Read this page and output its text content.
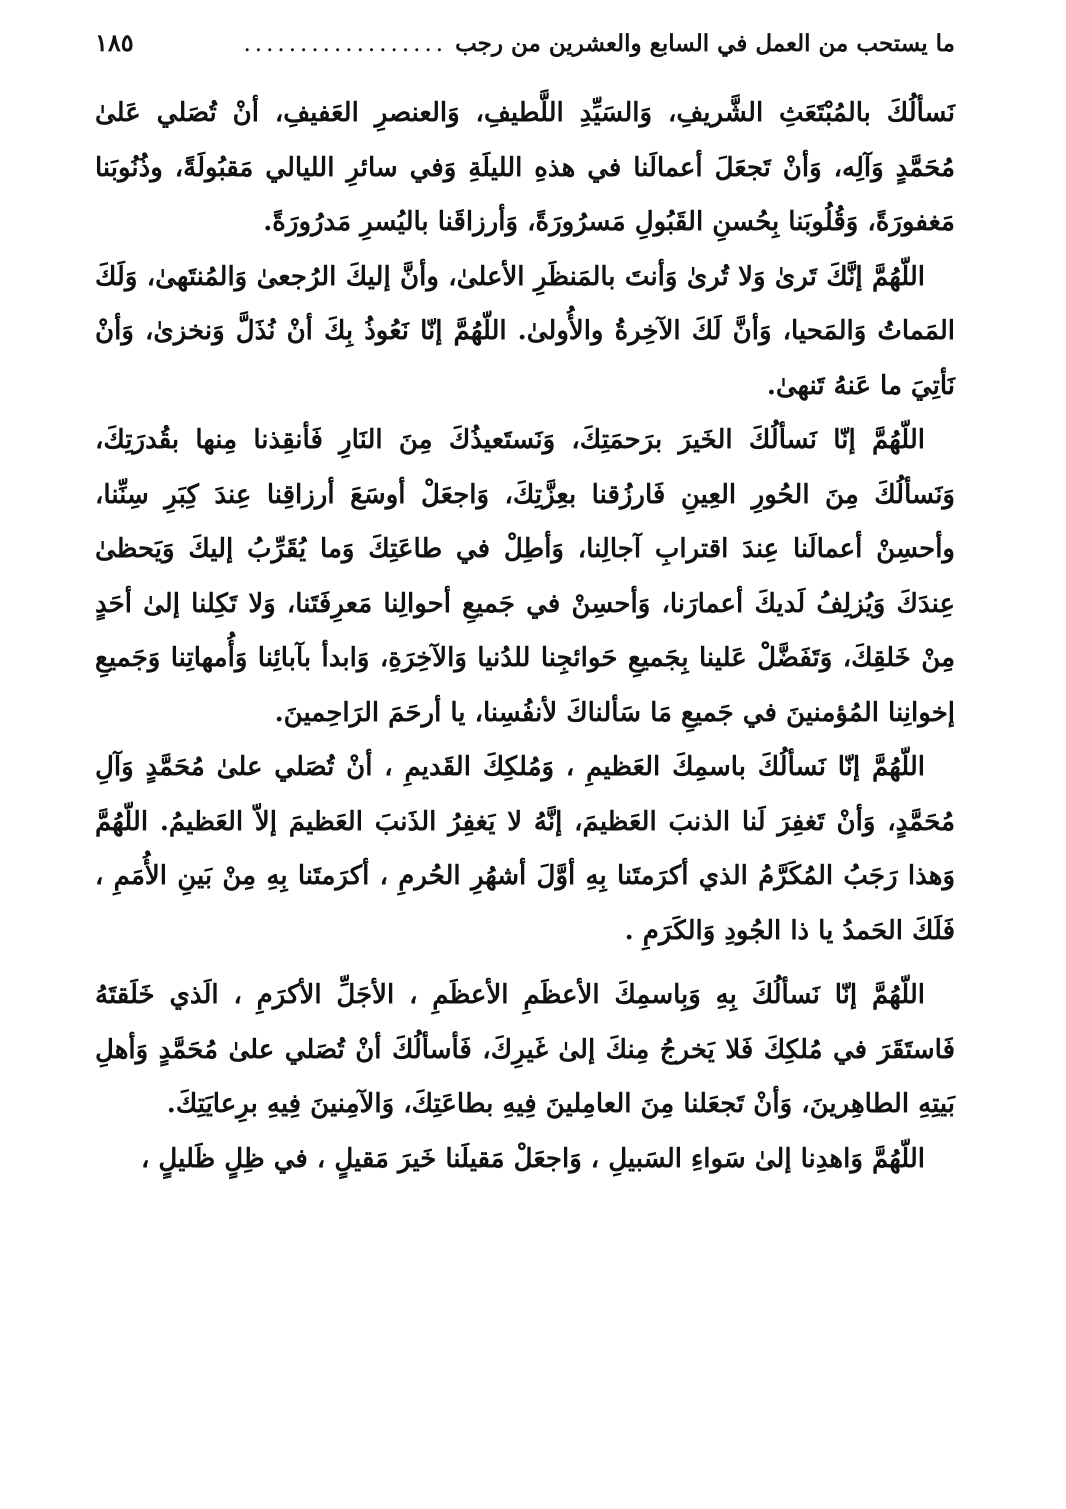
ما يستحب من العمل في السابع والعشرين من رجب
..................
١٨٥

نَسألُكَ بالمُبْتَعَثِ الشَّريفِ، وَالسَيِّدِ اللَّطيفِ، وَالعنصرِ العَفيفِ، أنْ تُصَلي عَلىٰ مُحَمَّدٍ وَآلِه، وَأنْ تَجعَلَ أعمالَنا في هذهِ الليلَةِ وَفي سائرِ الليالي مَقبُولَةً، وذُنُوبَنا مَغفورَةً، وَقُلُوبَنا بِحُسنِ القَبُولِ مَسرُورَةً، وَأرزاقَنا باليُسرِ مَدرُورَةً.

اللّهُمَّ إنَّكَ تَرىٰ وَلا تُرىٰ وَأنتَ بالمَنظَرِ الأعلىٰ، وأنَّ إليكَ الرُجعىٰ وَالمُنتَهىٰ، وَلَكَ المَماتُ وَالمَحيا، وَأنَّ لَكَ الآخِرةُ والأُولىٰ. اللّهُمَّ إنّا نَعُوذُ بِكَ أنْ نُذَلَّ وَنخزىٰ، وَأنْ نَأتِيَ ما عَنهُ تَنهىٰ.

اللّهُمَّ إنّا نَسألُكَ الخَيرَ برَحمَتِكَ، وَنَستَعيذُكَ مِنَ النَارِ فَأنقِذنا مِنها بقُدرَتِكَ، وَنَسألُكَ مِنَ الحُورِ العِينِ فَارزُقنا بعِزَّتِكَ، وَاجعَلْ أوسَعَ أرزاقِنا عِندَ كِبَرِ سِنِّنا، وأحسِنْ أعمالَنا عِندَ اقترابِ آجالِنا، وَأطِلْ في طاعَتِكَ وَما يُقَرِّبُ إليكَ وَيَحظىٰ عِندَكَ وَيُزلِفُ لَديكَ أعمارَنا، وَأحسِنْ في جَميعِ أحوالِنا مَعرِفَتَنا، وَلا تَكِلنا إلىٰ أحَدٍ مِنْ خَلقِكَ، وَتَفَضَّلْ عَلينا بِجَميعِ حَوائجِنا للدُنيا وَالآخِرَةِ، وَابدأ بآبائِنا وَأُمهاتِنا وَجَميعِ إخوانِنا المُؤمنينَ في جَميعِ مَا سَألناكَ لأنفُسِنا، يا أرحَمَ الرَاحِمينَ.

اللّهُمَّ إنّا نَسألُكَ باسمِكَ العَظيمِ ، وَمُلكِكَ القَديمِ ، أنْ تُصَلي علىٰ مُحَمَّدٍ وَآلِ مُحَمَّدٍ، وَأنْ تَغفِرَ لَنا الذنبَ العَظيمَ، إنَّهُ لا يَغفِرُ الذَنبَ العَظيمَ إلاّ العَظيمُ. اللّهُمَّ وَهذا رَجَبُ المُكَرَّمُ الذي أكرَمتَنا بِهِ أوَّلَ أشهُرِ الحُرمِ ، أكرَمتَنا بِهِ مِنْ بَينِ الأُمَمِ ، فَلَكَ الحَمدُ يا ذا الجُودِ وَالكَرَمِ .

اللّهُمَّ إنّا نَسألُكَ بِهِ وَبِاسمِكَ الأعظَمِ الأعظَمِ ، الأجَلِّ الأكرَمِ ، الَذي خَلَقتَهُ فَاستَقَرَ في مُلكِكَ فَلا يَخرجُ مِنكَ إلىٰ غَيرِكَ، فَأسألُكَ أنْ تُصَلي علىٰ مُحَمَّدٍ وَأهلِ بَيتِهِ الطاهِرينَ، وَأنْ تَجعَلنا مِنَ العامِلينَ فِيهِ بطاعَتِكَ، وَالآمِنينَ فِيهِ برِعايَتِكَ.

اللّهُمَّ وَاهدِنا إلىٰ سَواءِ السَبيلِ ، وَاجعَلْ مَقيلَنا خَيرَ مَقيلٍ ، في ظِلٍ ظَليلٍ ،
